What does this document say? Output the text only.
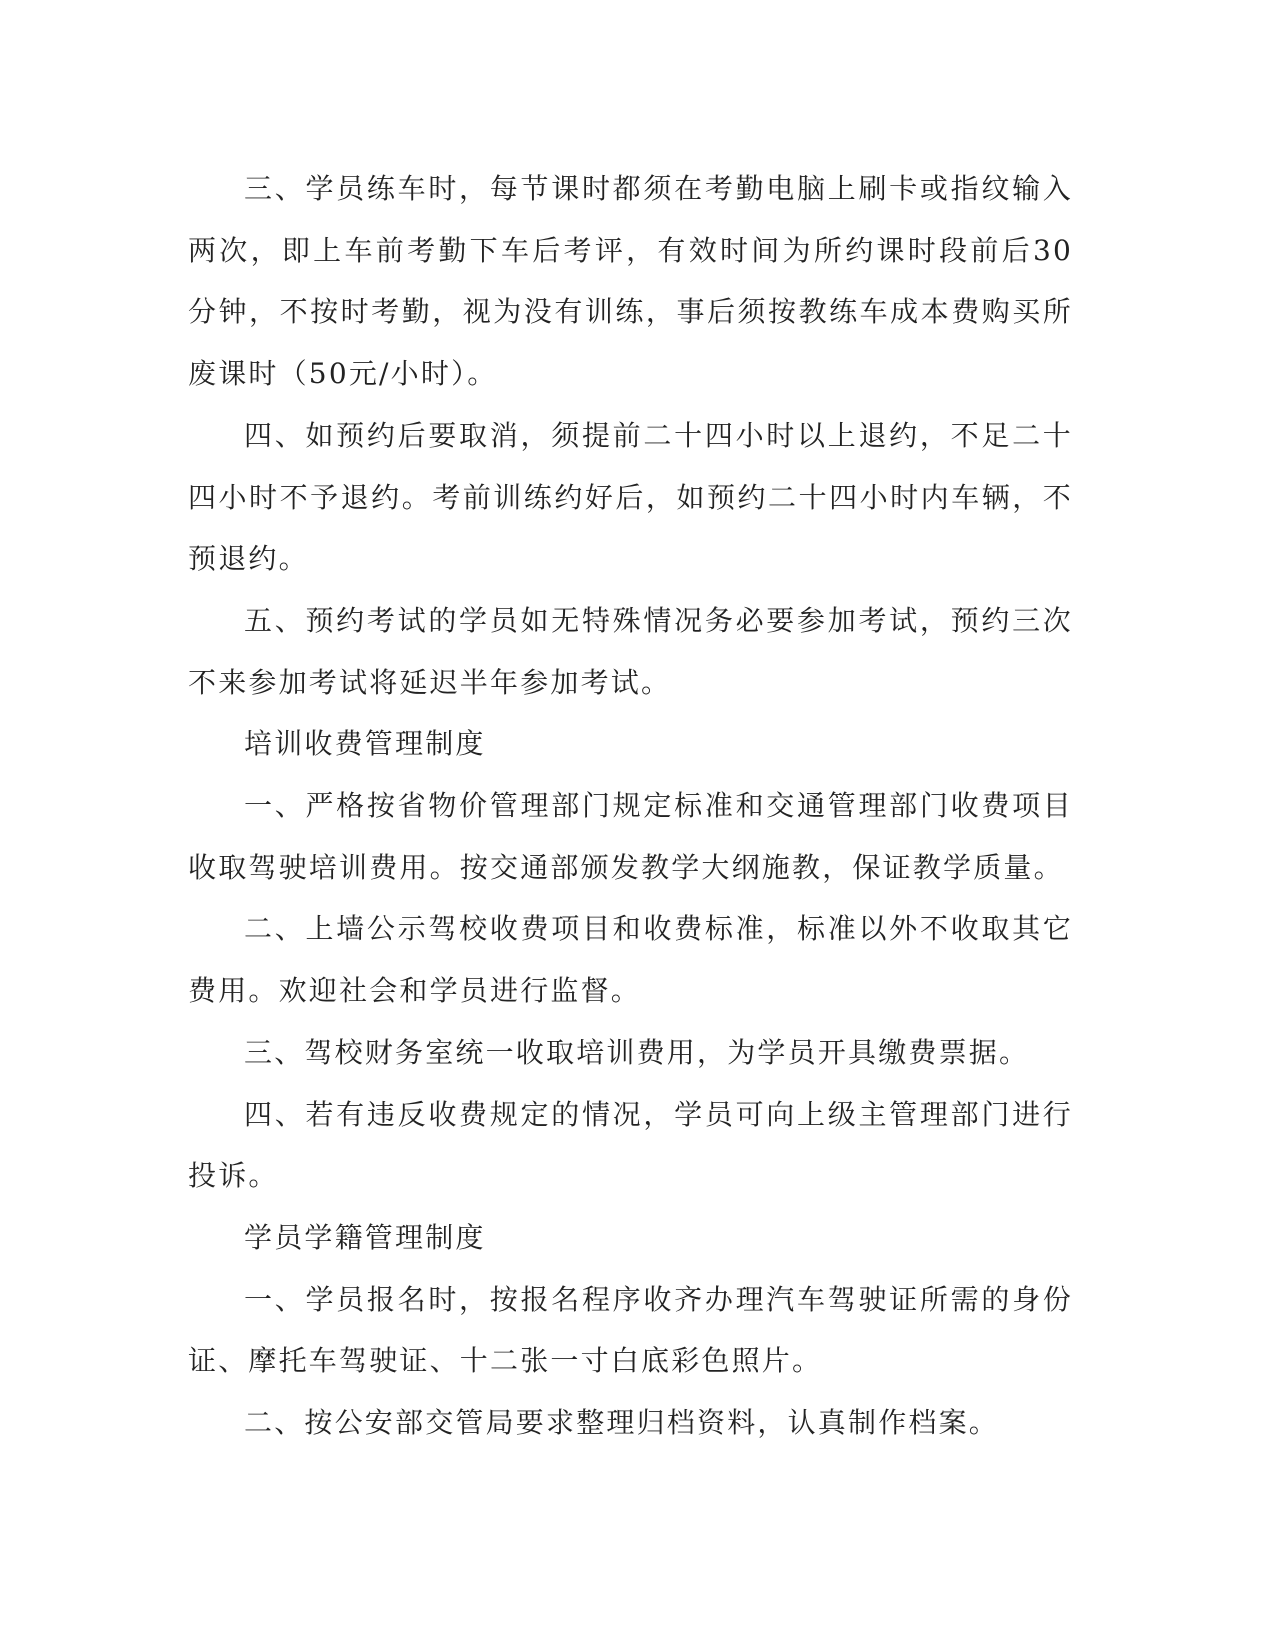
三、学员练车时，每节课时都须在考勤电脑上刷卡或指纹输入两次，即上车前考勤下车后考评，有效时间为所约课时段前后30分钟，不按时考勤，视为没有训练，事后须按教练车成本费购买所废课时（50元/小时）。

四、如预约后要取消，须提前二十四小时以上退约，不足二十四小时不予退约。考前训练约好后，如预约二十四小时内车辆，不预退约。

五、预约考试的学员如无特殊情况务必要参加考试，预约三次不来参加考试将延迟半年参加考试。

培训收费管理制度

一、严格按省物价管理部门规定标准和交通管理部门收费项目收取驾驶培训费用。按交通部颁发教学大纲施教，保证教学质量。

二、上墙公示驾校收费项目和收费标准，标准以外不收取其它费用。欢迎社会和学员进行监督。

三、驾校财务室统一收取培训费用，为学员开具缴费票据。

四、若有违反收费规定的情况，学员可向上级主管理部门进行投诉。

学员学籍管理制度

一、学员报名时，按报名程序收齐办理汽车驾驶证所需的身份证、摩托车驾驶证、十二张一寸白底彩色照片。

二、按公安部交管局要求整理归档资料，认真制作档案。
